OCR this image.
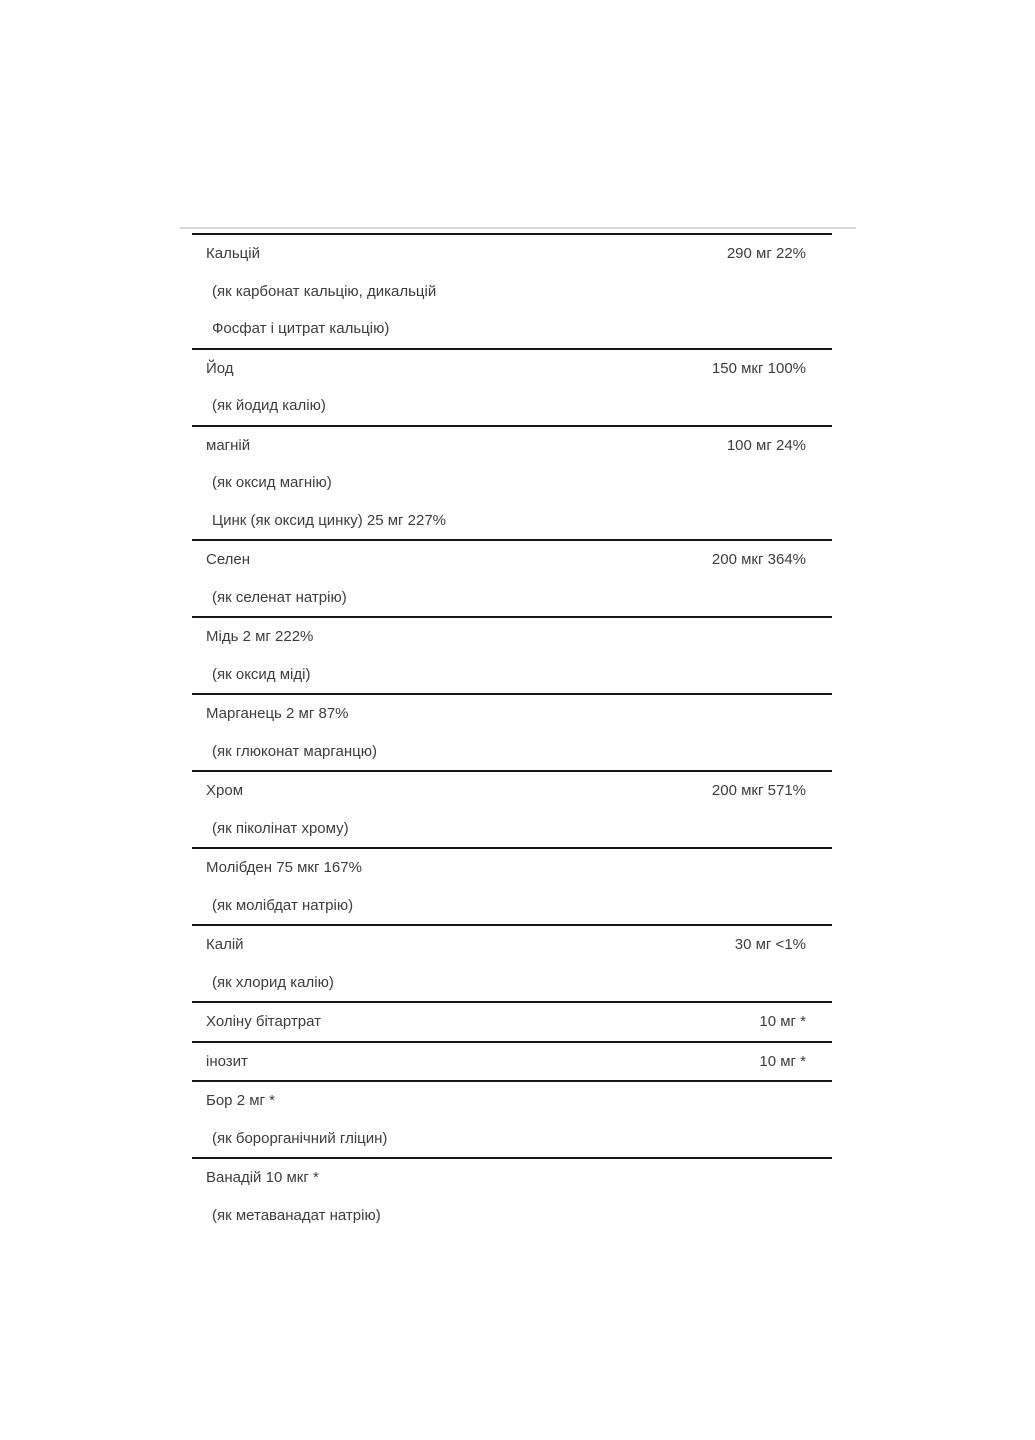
Кальцій	290 мг 22%
(як карбонат кальцію, дикальцій
Фосфат і цитрат кальцію)
Йод	150 мкг 100%
(як йодид калію)
магній	100 мг 24%
(як оксид магнію)
Цинк (як оксид цинку) 25 мг 227%
Селен	200 мкг 364%
(як селенат натрію)
Мідь 2 мг 222%
(як оксид міді)
Марганець 2 мг 87%
(як глюконат марганцю)
Хром	200 мкг 571%
(як піколінат хрому)
Молібден 75 мкг 167%
(як молібдат натрію)
Калій	30 мг <1%
(як хлорид калію)
Холіну бітартрат	10 мг *
інозит	10 мг *
Бор 2 мг *
(як борорганічний гліцин)
Ванадій 10 мкг *
(як метаванадат натрію)
